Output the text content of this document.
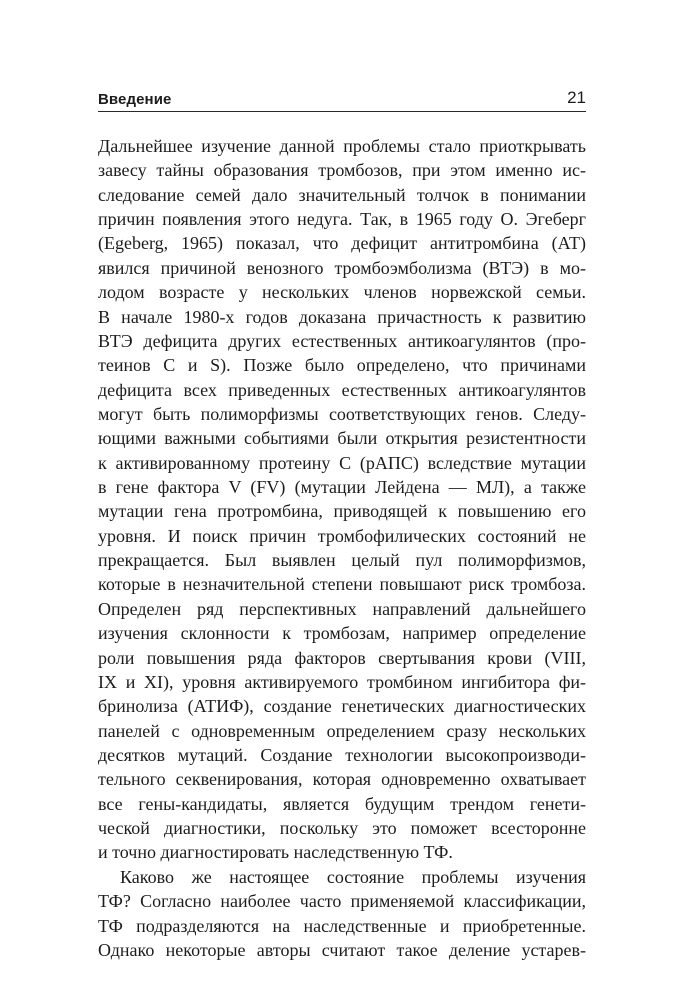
Введение	21
Дальнейшее изучение данной проблемы стало приоткрывать
завесу тайны образования тромбозов, при этом именно ис-
следование семей дало значительный толчок в понимании
причин появления этого недуга. Так, в 1965 году О. Эгеберг
(Egeberg, 1965) показал, что дефицит антитромбина (АТ)
явился причиной венозного тромбоэмболизма (ВТЭ) в мо-
лодом возрасте у нескольких членов норвежской семьи.
В начале 1980-х годов доказана причастность к развитию
ВТЭ дефицита других естественных антикоагулянтов (про-
теинов С и S). Позже было определено, что причинами
дефицита всех приведенных естественных антикоагулянтов
могут быть полиморфизмы соответствующих генов. Следу-
ющими важными событиями были открытия резистентности
к активированному протеину С (рАПС) вследствие мутации
в гене фактора V (FV) (мутации Лейдена — МЛ), а также
мутации гена протромбина, приводящей к повышению его
уровня. И поиск причин тромбофилических состояний не
прекращается. Был выявлен целый пул полиморфизмов,
которые в незначительной степени повышают риск тромбоза.
Определен ряд перспективных направлений дальнейшего
изучения склонности к тромбозам, например определение
роли повышения ряда факторов свертывания крови (VIII,
IX и XI), уровня активируемого тромбином ингибитора фи-
бринолиза (АТИФ), создание генетических диагностических
панелей с одновременным определением сразу нескольких
десятков мутаций. Создание технологии высокопроизводи-
тельного секвенирования, которая одновременно охватывает
все гены-кандидаты, является будущим трендом генети-
ческой диагностики, поскольку это поможет всесторонне
и точно диагностировать наследственную ТФ.
Каково же настоящее состояние проблемы изучения
ТФ? Согласно наиболее часто применяемой классификации,
ТФ подразделяются на наследственные и приобретенные.
Однако некоторые авторы считают такое деление устарев-
